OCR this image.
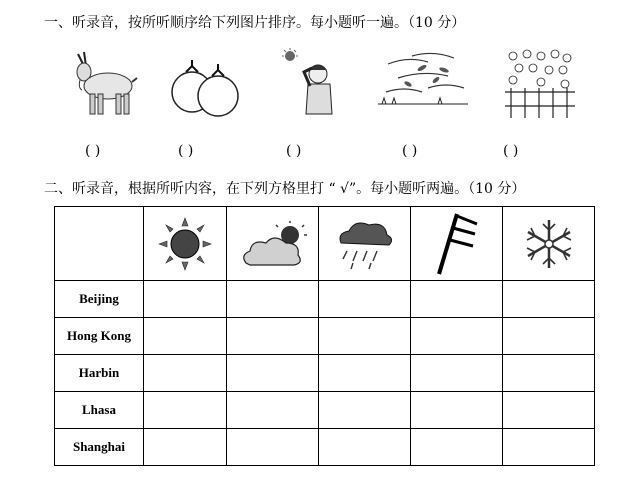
一、听录音，按所听顺序给下列图片排序。每小题听一遍。（10 分）
( )	( )	( )	( )	( )
二、听录音，根据所听内容，在下列方格里打 “ √”。每小题听两遍。（10 分）

Beijing					
Hong Kong					
Harbin					
Lhasa					
Shanghai					
